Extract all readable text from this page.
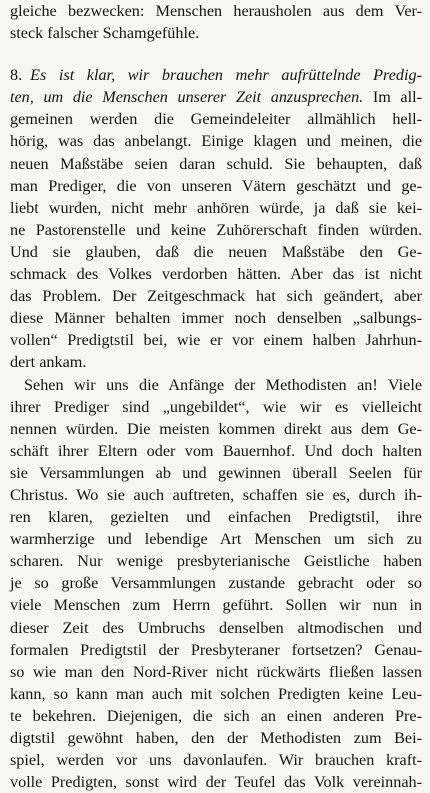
gleiche bezwecken: Menschen herausholen aus dem Ver-
steck falscher Schamgefühle.
8. Es ist klar, wir brauchen mehr aufrüttelnde Predig-
ten, um die Menschen unserer Zeit anzusprechen. Im all-
gemeinen werden die Gemeindeleiter allmählich hell-
hörig, was das anbelangt. Einige klagen und meinen, die
neuen Maßstäbe seien daran schuld. Sie behaupten, daß
man Prediger, die von unseren Vätern geschätzt und ge-
liebt wurden, nicht mehr anhören würde, ja daß sie kei-
ne Pastorenstelle und keine Zuhörerschaft finden würden.
Und sie glauben, daß die neuen Maßstäbe den Ge-
schmack des Volkes verdorben hätten. Aber das ist nicht
das Problem. Der Zeitgeschmack hat sich geändert, aber
diese Männer behalten immer noch denselben „salbungs-
vollen“ Predigtstil bei, wie er vor einem halben Jahrhun-
dert ankam.
Sehen wir uns die Anfänge der Methodisten an! Viele
ihrer Prediger sind „ungebildet“, wie wir es vielleicht
nennen würden. Die meisten kommen direkt aus dem Ge-
schäft ihrer Eltern oder vom Bauernhof. Und doch halten
sie Versammlungen ab und gewinnen überall Seelen für
Christus. Wo sie auch auftreten, schaffen sie es, durch ih-
ren klaren, gezielten und einfachen Predigtstil, ihre
warmherzige und lebendige Art Menschen um sich zu
scharen. Nur wenige presbyterianische Geistliche haben
je so große Versammlungen zustande gebracht oder so
viele Menschen zum Herrn geführt. Sollen wir nun in
dieser Zeit des Umbruchs denselben altmodischen und
formalen Predigtstil der Presbyteraner fortsetzen? Genau-
so wie man den Nord-River nicht rückwärts fließen lassen
kann, so kann man auch mit solchen Predigten keine Leu-
te bekehren. Diejenigen, die sich an einen anderen Pre-
digtstil gewöhnt haben, den der Methodisten zum Bei-
spiel, werden vor uns davonlaufen. Wir brauchen kraft-
volle Predigten, sonst wird der Teufel das Volk vereinnah-
